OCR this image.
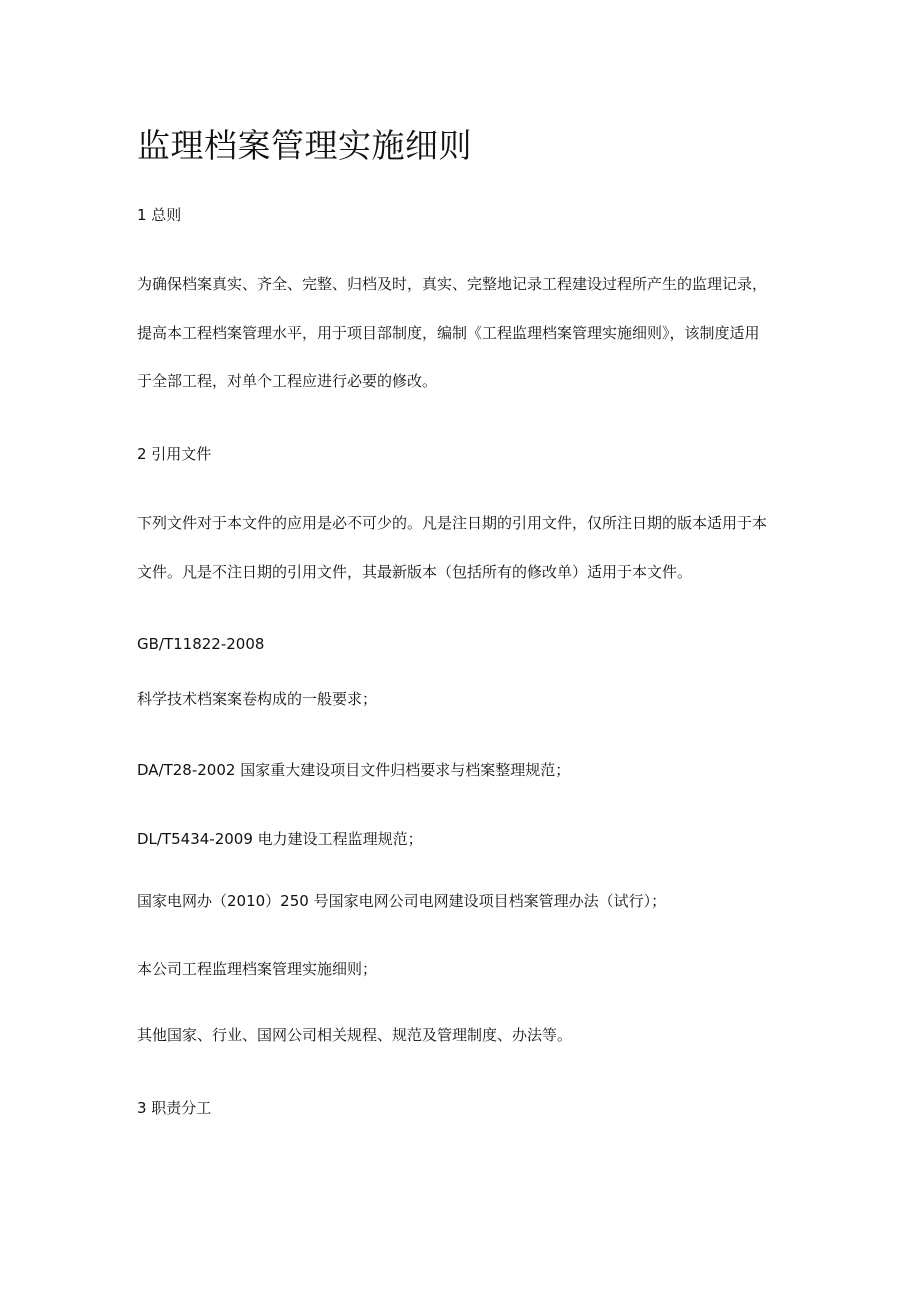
监理档案管理实施细则

1 总则

为确保档案真实、齐全、完整、归档及时，真实、完整地记录工程建设过程所产生的监理记录，

提高本工程档案管理水平，用于项目部制度，编制《工程监理档案管理实施细则》，该制度适用

于全部工程，对单个工程应进行必要的修改。

2 引用文件

下列文件对于本文件的应用是必不可少的。凡是注日期的引用文件，仅所注日期的版本适用于本

文件。凡是不注日期的引用文件，其最新版本（包括所有的修改单）适用于本文件。

GB/T11822-2008

科学技术档案案卷构成的一般要求；

DA/T28-2002 国家重大建设项目文件归档要求与档案整理规范；

DL/T5434-2009 电力建设工程监理规范；

国家电网办（2010）250 号国家电网公司电网建设项目档案管理办法（试行）；

本公司工程监理档案管理实施细则；

其他国家、行业、国网公司相关规程、规范及管理制度、办法等。

3 职责分工
